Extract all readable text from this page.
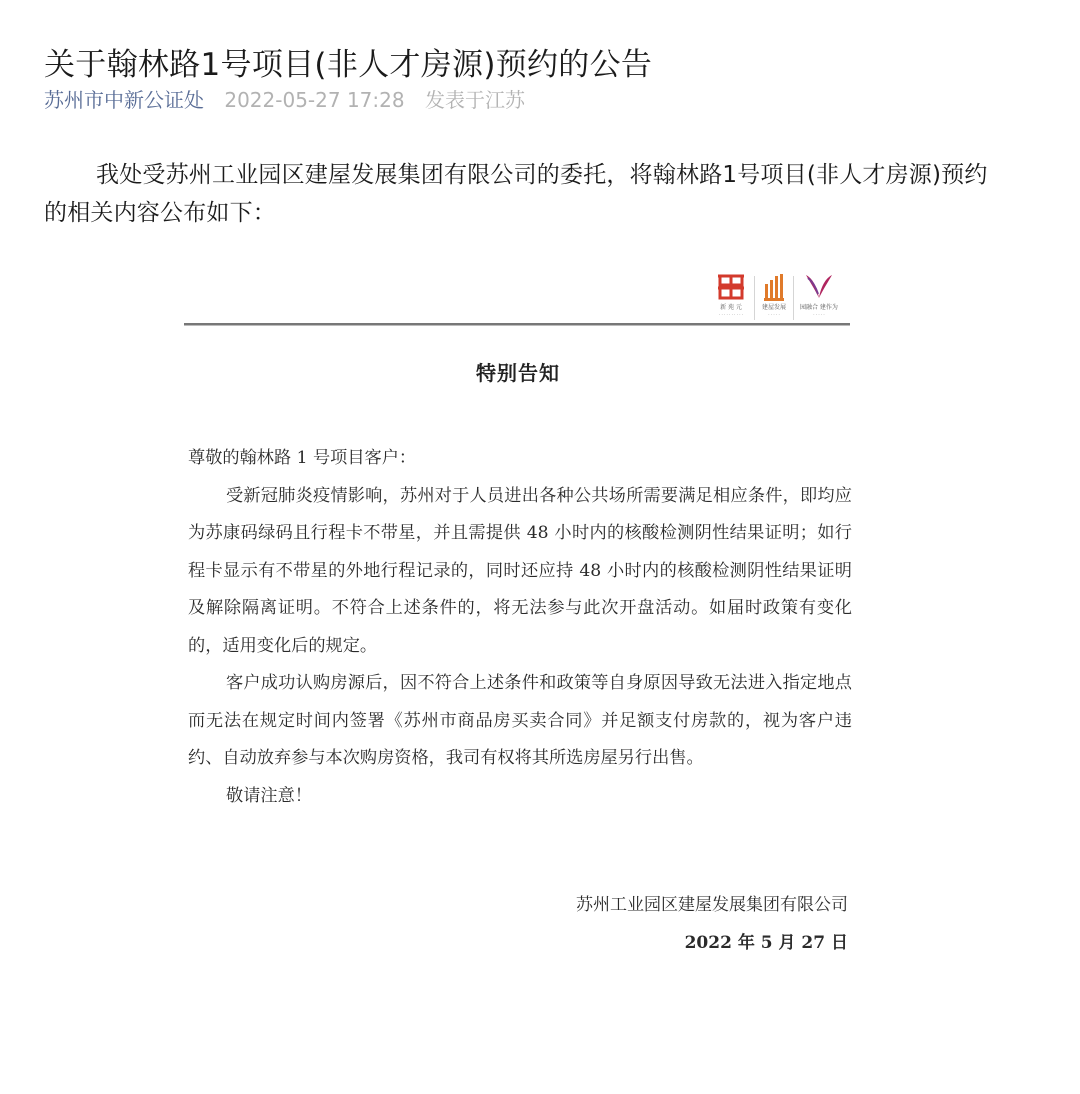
关于翰林路1号项目(非人才房源)预约的公告
苏州市中新公证处 2022-05-27 17:28 发表于江苏

我处受苏州工业园区建屋发展集团有限公司的委托，将翰林路1号项目(非人才房源)预约的相关内容公布如下：

新 苑 元
· · · · · · · · · ·
建屋发展
· · · · ·
园融合 建作为
· · · · ·
特别告知

尊敬的翰林路 1 号项目客户：

受新冠肺炎疫情影响，苏州对于人员进出各种公共场所需要满足相应条件，即均应为苏康码绿码且行程卡不带星，并且需提供 48 小时内的核酸检测阴性结果证明；如行程卡显示有不带星的外地行程记录的，同时还应持 48 小时内的核酸检测阴性结果证明及解除隔离证明。不符合上述条件的，将无法参与此次开盘活动。如届时政策有变化的，适用变化后的规定。

客户成功认购房源后，因不符合上述条件和政策等自身原因导致无法进入指定地点而无法在规定时间内签署《苏州市商品房买卖合同》并足额支付房款的，视为客户违约、自动放弃参与本次购房资格，我司有权将其所选房屋另行出售。

敬请注意！

苏州工业园区建屋发展集团有限公司
2022 年 5 月 27 日
